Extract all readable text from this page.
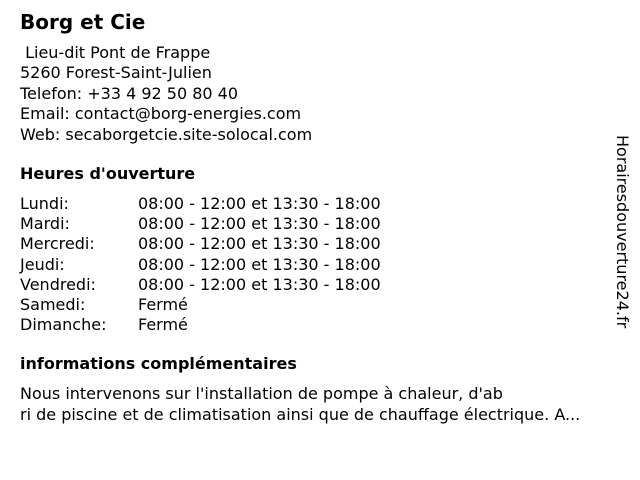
Borg et Cie
Lieu-dit Pont de Frappe
5260 Forest-Saint-Julien
Telefon: +33 4 92 50 80 40
Email: contact@borg-energies.com
Web: secaborgetcie.site-solocal.com
Heures d'ouverture
Lundi:	08:00 - 12:00 et 13:30 - 18:00
Mardi:	08:00 - 12:00 et 13:30 - 18:00
Mercredi:	08:00 - 12:00 et 13:30 - 18:00
Jeudi:	08:00 - 12:00 et 13:30 - 18:00
Vendredi:	08:00 - 12:00 et 13:30 - 18:00
Samedi:	Fermé
Dimanche: Fermé
informations complémentaires
Nous intervenons sur l'installation de pompe à chaleur, d'ab
ri de piscine et de climatisation ainsi que de chauffage électrique. A...
Horairesdouverture24.fr
